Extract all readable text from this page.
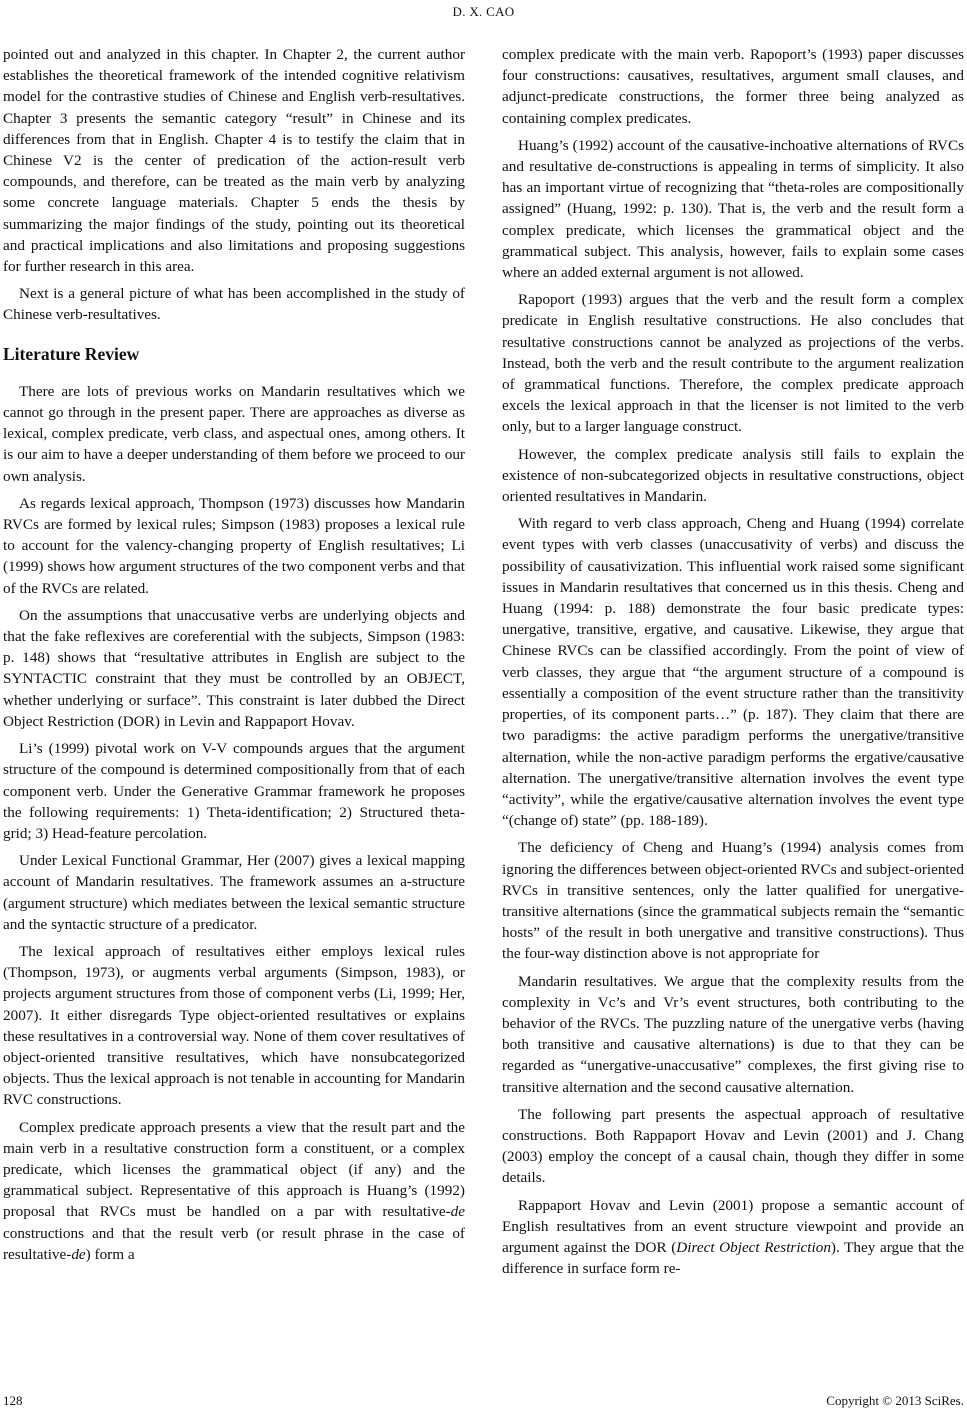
D. X. CAO

pointed out and analyzed in this chapter. In Chapter 2, the current author establishes the theoretical framework of the intended cognitive relativism model for the contrastive studies of Chinese and English verb-resultatives. Chapter 3 presents the semantic category “result” in Chinese and its differences from that in English. Chapter 4 is to testify the claim that in Chinese V2 is the center of predication of the action-result verb compounds, and therefore, can be treated as the main verb by analyzing some concrete language materials. Chapter 5 ends the thesis by summarizing the major findings of the study, pointing out its theoretical and practical implications and also limitations and proposing suggestions for further research in this area.

Next is a general picture of what has been accomplished in the study of Chinese verb-resultatives.

Literature Review

There are lots of previous works on Mandarin resultatives which we cannot go through in the present paper. There are approaches as diverse as lexical, complex predicate, verb class, and aspectual ones, among others. It is our aim to have a deeper understanding of them before we proceed to our own analysis.

As regards lexical approach, Thompson (1973) discusses how Mandarin RVCs are formed by lexical rules; Simpson (1983) proposes a lexical rule to account for the valency-changing property of English resultatives; Li (1999) shows how argument structures of the two component verbs and that of the RVCs are related.

On the assumptions that unaccusative verbs are underlying objects and that the fake reflexives are coreferential with the subjects, Simpson (1983: p. 148) shows that “resultative attributes in English are subject to the SYNTACTIC constraint that they must be controlled by an OBJECT, whether underlying or surface”. This constraint is later dubbed the Direct Object Restriction (DOR) in Levin and Rappaport Hovav.

Li’s (1999) pivotal work on V-V compounds argues that the argument structure of the compound is determined compositionally from that of each component verb. Under the Generative Grammar framework he proposes the following requirements: 1) Theta-identification; 2) Structured theta-grid; 3) Head-feature percolation.

Under Lexical Functional Grammar, Her (2007) gives a lexical mapping account of Mandarin resultatives. The framework assumes an a-structure (argument structure) which mediates between the lexical semantic structure and the syntactic structure of a predicator.

The lexical approach of resultatives either employs lexical rules (Thompson, 1973), or augments verbal arguments (Simpson, 1983), or projects argument structures from those of component verbs (Li, 1999; Her, 2007). It either disregards Type object-oriented resultatives or explains these resultatives in a controversial way. None of them cover resultatives of object-oriented transitive resultatives, which have nonsubcategorized objects. Thus the lexical approach is not tenable in accounting for Mandarin RVC constructions.

Complex predicate approach presents a view that the result part and the main verb in a resultative construction form a constituent, or a complex predicate, which licenses the grammatical object (if any) and the grammatical subject. Representative of this approach is Huang’s (1992) proposal that RVCs must be handled on a par with resultative-de constructions and that the result verb (or result phrase in the case of resultative-de) form a

complex predicate with the main verb. Rapoport’s (1993) paper discusses four constructions: causatives, resultatives, argument small clauses, and adjunct-predicate constructions, the former three being analyzed as containing complex predicates.

Huang’s (1992) account of the causative-inchoative alternations of RVCs and resultative de-constructions is appealing in terms of simplicity. It also has an important virtue of recognizing that “theta-roles are compositionally assigned” (Huang, 1992: p. 130). That is, the verb and the result form a complex predicate, which licenses the grammatical object and the grammatical subject. This analysis, however, fails to explain some cases where an added external argument is not allowed.

Rapoport (1993) argues that the verb and the result form a complex predicate in English resultative constructions. He also concludes that resultative constructions cannot be analyzed as projections of the verbs. Instead, both the verb and the result contribute to the argument realization of grammatical functions. Therefore, the complex predicate approach excels the lexical approach in that the licenser is not limited to the verb only, but to a larger language construct.

However, the complex predicate analysis still fails to explain the existence of non-subcategorized objects in resultative constructions, object oriented resultatives in Mandarin.

With regard to verb class approach, Cheng and Huang (1994) correlate event types with verb classes (unaccusativity of verbs) and discuss the possibility of causativization. This influential work raised some significant issues in Mandarin resultatives that concerned us in this thesis. Cheng and Huang (1994: p. 188) demonstrate the four basic predicate types: unergative, transitive, ergative, and causative. Likewise, they argue that Chinese RVCs can be classified accordingly. From the point of view of verb classes, they argue that “the argument structure of a compound is essentially a composition of the event structure rather than the transitivity properties, of its component parts…” (p. 187). They claim that there are two paradigms: the active paradigm performs the unergative/transitive alternation, while the non-active paradigm performs the ergative/causative alternation. The unergative/transitive alternation involves the event type “activity”, while the ergative/causative alternation involves the event type “(change of) state” (pp. 188-189).

The deficiency of Cheng and Huang’s (1994) analysis comes from ignoring the differences between object-oriented RVCs and subject-oriented RVCs in transitive sentences, only the latter qualified for unergative-transitive alternations (since the grammatical subjects remain the “semantic hosts” of the result in both unergative and transitive constructions). Thus the four-way distinction above is not appropriate for

Mandarin resultatives. We argue that the complexity results from the complexity in Vc’s and Vr’s event structures, both contributing to the behavior of the RVCs. The puzzling nature of the unergative verbs (having both transitive and causative alternations) is due to that they can be regarded as “unergative-unaccusative” complexes, the first giving rise to transitive alternation and the second causative alternation.

The following part presents the aspectual approach of resultative constructions. Both Rappaport Hovav and Levin (2001) and J. Chang (2003) employ the concept of a causal chain, though they differ in some details.

Rappaport Hovav and Levin (2001) propose a semantic account of English resultatives from an event structure viewpoint and provide an argument against the DOR (Direct Object Restriction). They argue that the difference in surface form re-

128	Copyright © 2013 SciRes.
